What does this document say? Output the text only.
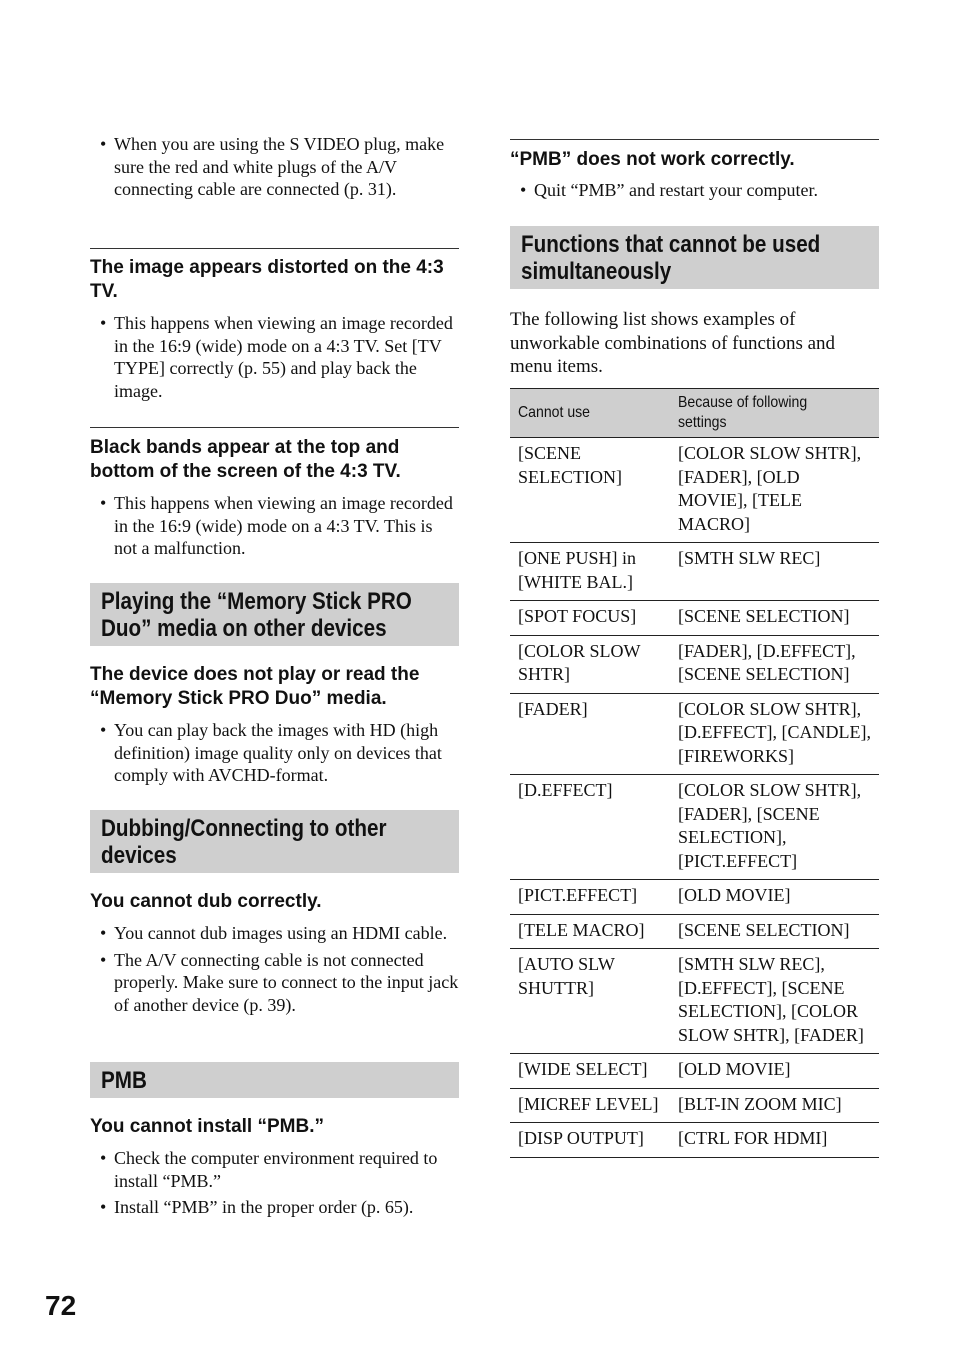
• When you are using the S VIDEO plug, make sure the red and white plugs of the A/V connecting cable are connected (p. 31).
The image appears distorted on the 4:3 TV.
• This happens when viewing an image recorded in the 16:9 (wide) mode on a 4:3 TV. Set [TV TYPE] correctly (p. 55) and play back the image.
Black bands appear at the top and bottom of the screen of the 4:3 TV.
• This happens when viewing an image recorded in the 16:9 (wide) mode on a 4:3 TV. This is not a malfunction.
Playing the “Memory Stick PRO
Duo” media on other devices
The device does not play or read the “Memory Stick PRO Duo” media.
• You can play back the images with HD (high definition) image quality only on devices that comply with AVCHD-format.
Dubbing/Connecting to other
devices
You cannot dub correctly.
• You cannot dub images using an HDMI cable.
• The A/V connecting cable is not connected properly. Make sure to connect to the input jack of another device (p. 39).
PMB
You cannot install “PMB.”
• Check the computer environment required to install “PMB.”
• Install “PMB” in the proper order (p. 65).
“PMB” does not work correctly.
• Quit “PMB” and restart your computer.
Functions that cannot be used
simultaneously
The following list shows examples of unworkable combinations of functions and menu items.
Cannot use	Because of following settings
[SCENE SELECTION]	[COLOR SLOW SHTR], [FADER], [OLD MOVIE], [TELE MACRO]
[ONE PUSH] in [WHITE BAL.]	[SMTH SLW REC]
[SPOT FOCUS]	[SCENE SELECTION]
[COLOR SLOW SHTR]	[FADER], [D.EFFECT], [SCENE SELECTION]
[FADER]	[COLOR SLOW SHTR], [D.EFFECT], [CANDLE], [FIREWORKS]
[D.EFFECT]	[COLOR SLOW SHTR], [FADER], [SCENE SELECTION], [PICT.EFFECT]
[PICT.EFFECT]	[OLD MOVIE]
[TELE MACRO]	[SCENE SELECTION]
[AUTO SLW SHUTTR]	[SMTH SLW REC], [D.EFFECT], [SCENE SELECTION], [COLOR SLOW SHTR], [FADER]
[WIDE SELECT]	[OLD MOVIE]
[MICREF LEVEL]	[BLT-IN ZOOM MIC]
[DISP OUTPUT]	[CTRL FOR HDMI]
72
